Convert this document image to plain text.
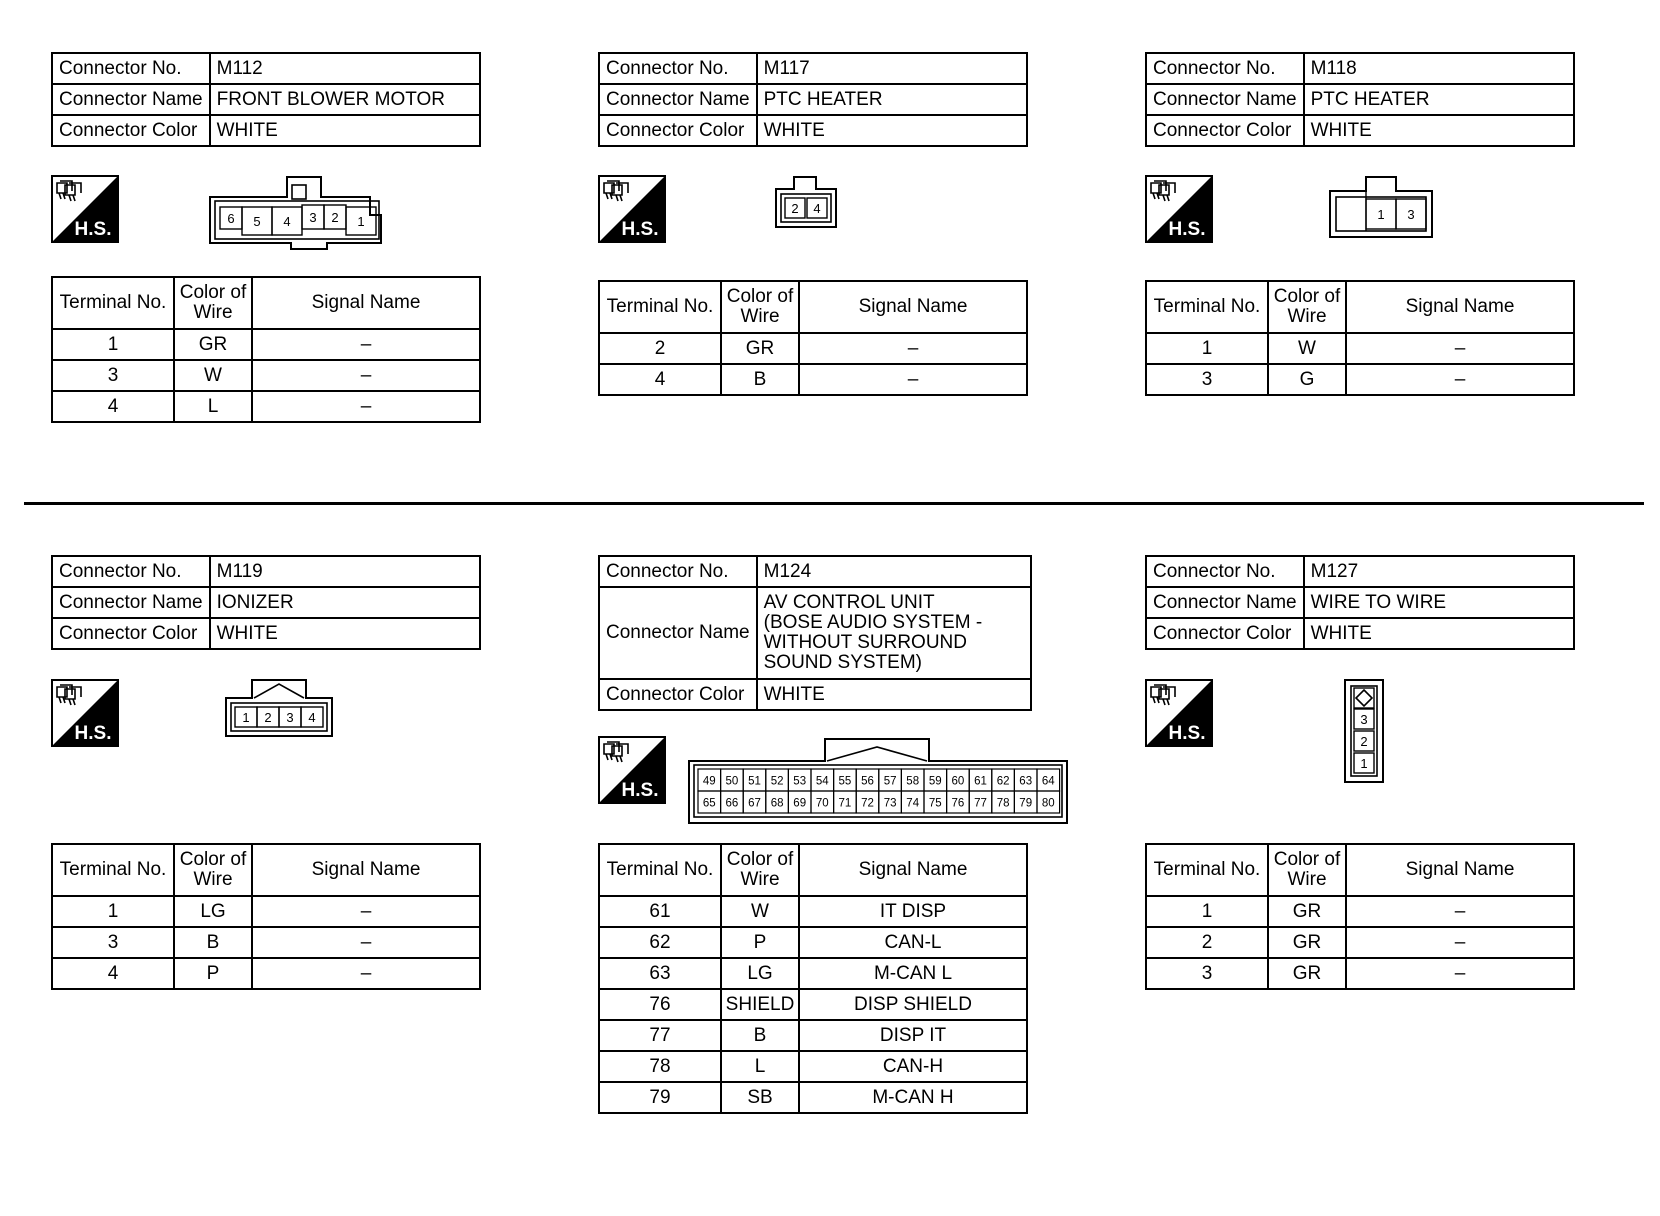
Connector No.	M112
Connector Name	FRONT BLOWER MOTOR
Connector Color	WHITE
H.S.
6 5 4 3 2 1
Terminal No.	Color of Wire	Signal Name
1	GR	–
3	W	–
4	L	–
Connector No.	M117
Connector Name	PTC HEATER
Connector Color	WHITE
H.S.
2 4
Terminal No.	Color of Wire	Signal Name
2	GR	–
4	B	–
Connector No.	M118
Connector Name	PTC HEATER
Connector Color	WHITE
H.S.
1 3
Terminal No.	Color of Wire	Signal Name
1	W	–
3	G	–
Connector No.	M119
Connector Name	IONIZER
Connector Color	WHITE
H.S.
1 2 3 4
Terminal No.	Color of Wire	Signal Name
1	LG	–
3	B	–
4	P	–
Connector No.	M124
Connector Name	AV CONTROL UNIT
(BOSE AUDIO SYSTEM -
WITHOUT SURROUND
SOUND SYSTEM)

Connector Color	WHITE
H.S.	49 50 51 52 53 54 55 56 57 58 59 60 61 62 63 64
65 66 67 68 69 70 71 72 73 74 75 76 77 78 79 80
Terminal No.	Color of Wire	Signal Name
61	W	IT DISP
62	P	CAN-L
63	LG	M-CAN L
76	SHIELD	DISP SHIELD
77	B	DISP IT
78	L	CAN-H
79	SB	M-CAN H
Connector No.	M127
Connector Name	WIRE TO WIRE
Connector Color	WHITE
H.S.
3
2
1
Terminal No.	Color of Wire	Signal Name
1	GR	–
2	GR	–
3	GR	–
